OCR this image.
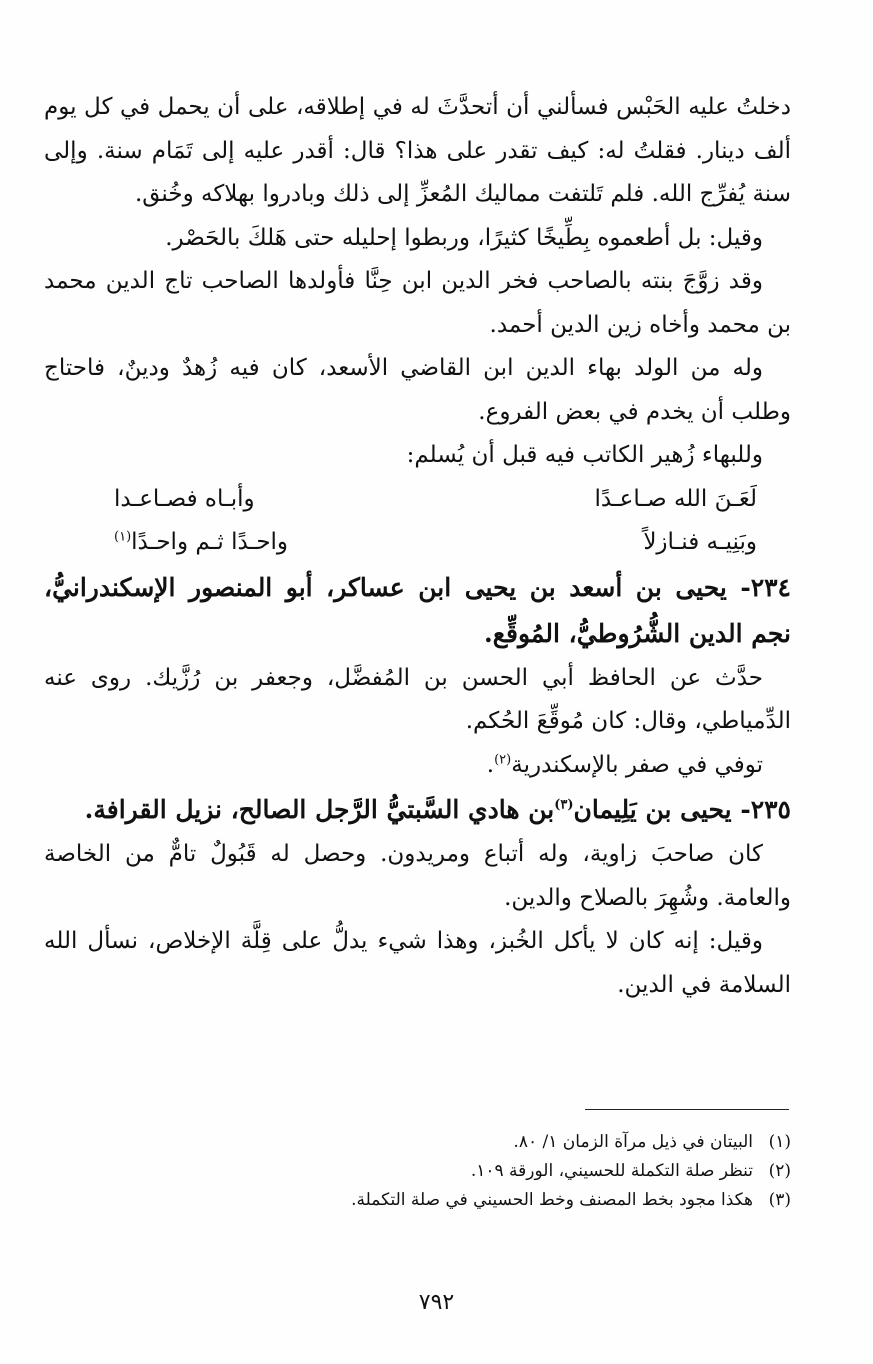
دخلتُ عليه الحَبْس فسألني أن أتحدَّثَ له في إطلاقه، على أن يحمل في كل يوم ألف دينار. فقلتُ له: كيف تقدر على هذا؟ قال: أقدر عليه إلى تَمَام سنة. وإلى سنة يُفرِّج الله. فلم تَلتفت مماليك المُعزِّ إلى ذلك وبادروا بهلاكه وخُنق.

وقيل: بل أطعموه بِطِّيخًا كثيرًا، وربطوا إحليله حتى هَلكَ بالحَصْر.

وقد زوَّجَ بنته بالصاحب فخر الدين ابن حِنَّا فأولدها الصاحب تاج الدين محمد بن محمد وأخاه زين الدين أحمد.

وله من الولد بهاء الدين ابن القاضي الأسعد، كان فيه زُهدٌ ودينٌ، فاحتاج وطلب أن يخدم في بعض الفروع.

وللبهاء زُهير الكاتب فيه قبل أن يُسلم:

لَعَـنَ الله صـاعـدًا
وأبـاه فصـاعـدا
وبَنِيـه فنـازلاً
واحـدًا ثـم واحـدًا$^{(١)}$

٢٣٤- يحيى بن أسعد بن يحيى ابن عساكر، أبو المنصور الإسكندرانيُّ، نجم الدين الشُّرُوطيُّ، المُوقِّع.

حدَّث عن الحافظ أبي الحسن بن المُفضَّل، وجعفر بن رُزَّيك. روى عنه الدِّمياطي، وقال: كان مُوقِّعَ الحُكم.

توفي في صفر بالإسكندرية$^{(٢)}$.

٢٣٥- يحيى بن يَلِيمان$^{(٣)}$بن هادي السَّبتيُّ الرَّجل الصالح، نزيل القرافة.

كان صاحبَ زاوية، وله أتباع ومريدون. وحصل له قَبُولٌ تامٌّ من الخاصة والعامة. وشُهِرَ بالصلاح والدين.

وقيل: إنه كان لا يأكل الخُبز، وهذا شيء يدلُّ على قِلَّة الإخلاص، نسأل الله السلامة في الدين.

(١)
البيتان في ذيل مرآة الزمان ١/ ٨٠.

(٢)
تنظر صلة التكملة للحسيني، الورقة ١٠٩.

(٣)
هكذا مجود بخط المصنف وخط الحسيني في صلة التكملة.

٧٩٢
